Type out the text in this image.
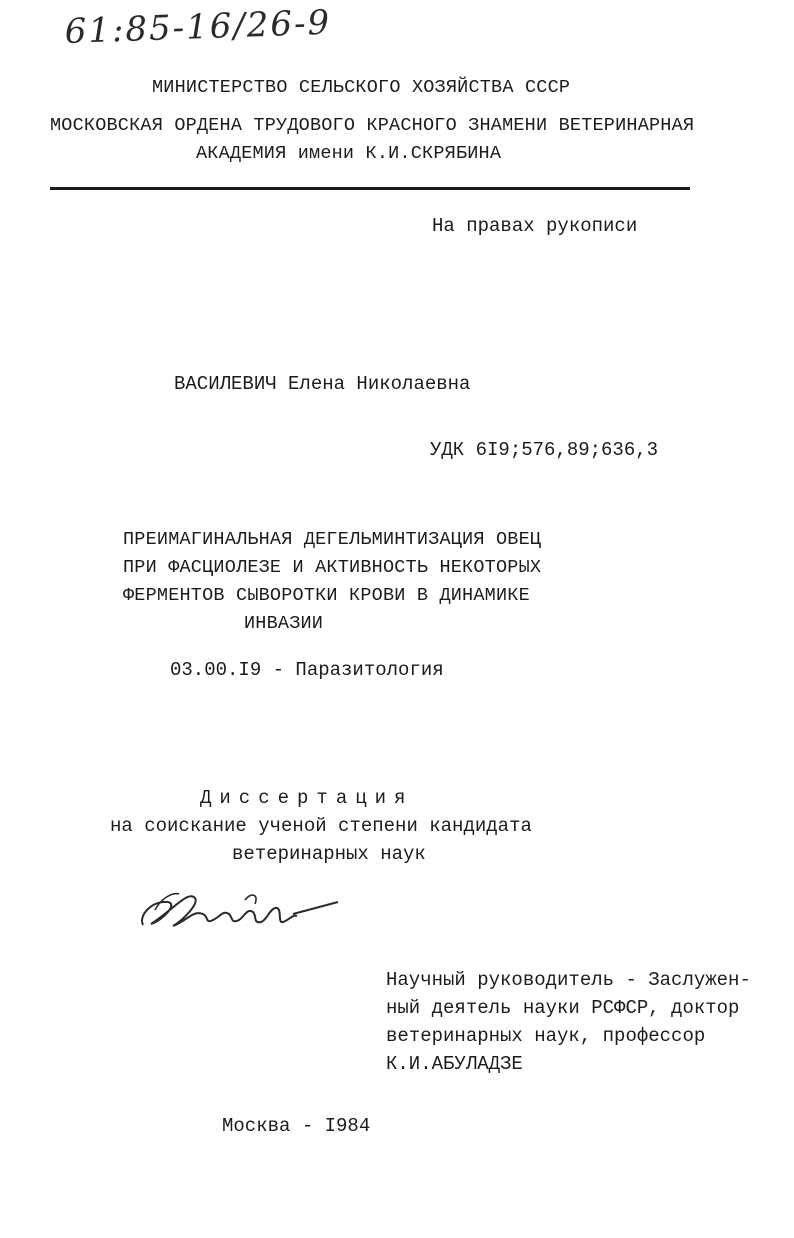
61:85-16/26-9
МИНИСТЕРСТВО СЕЛЬСКОГО ХОЗЯЙСТВА СССР
МОСКОВСКАЯ ОРДЕНА ТРУДОВОГО КРАСНОГО ЗНАМЕНИ ВЕТЕРИНАРНАЯ
АКАДЕМИЯ имени К.И.СКРЯБИНА
На правах рукописи
ВАСИЛЕВИЧ Елена Николаевна
УДК 6I9;576,89;636,3
ПРЕИМАГИНАЛЬНАЯ ДЕГЕЛЬМИНТИЗАЦИЯ ОВЕЦ
ПРИ ФАСЦИОЛЕЗЕ И АКТИВНОСТЬ НЕКОТОРЫХ
ФЕРМЕНТОВ СЫВОРОТКИ КРОВИ В ДИНАМИКЕ
ИНВАЗИИ
03.00.I9 - Паразитология
Диссертация
на соискание ученой степени кандидата
ветеринарных наук
Научный руководитель - Заслужен-
ный деятель науки РСФСР, доктор
ветеринарных наук, профессор
К.И.АБУЛАДЗЕ
Москва - I984
